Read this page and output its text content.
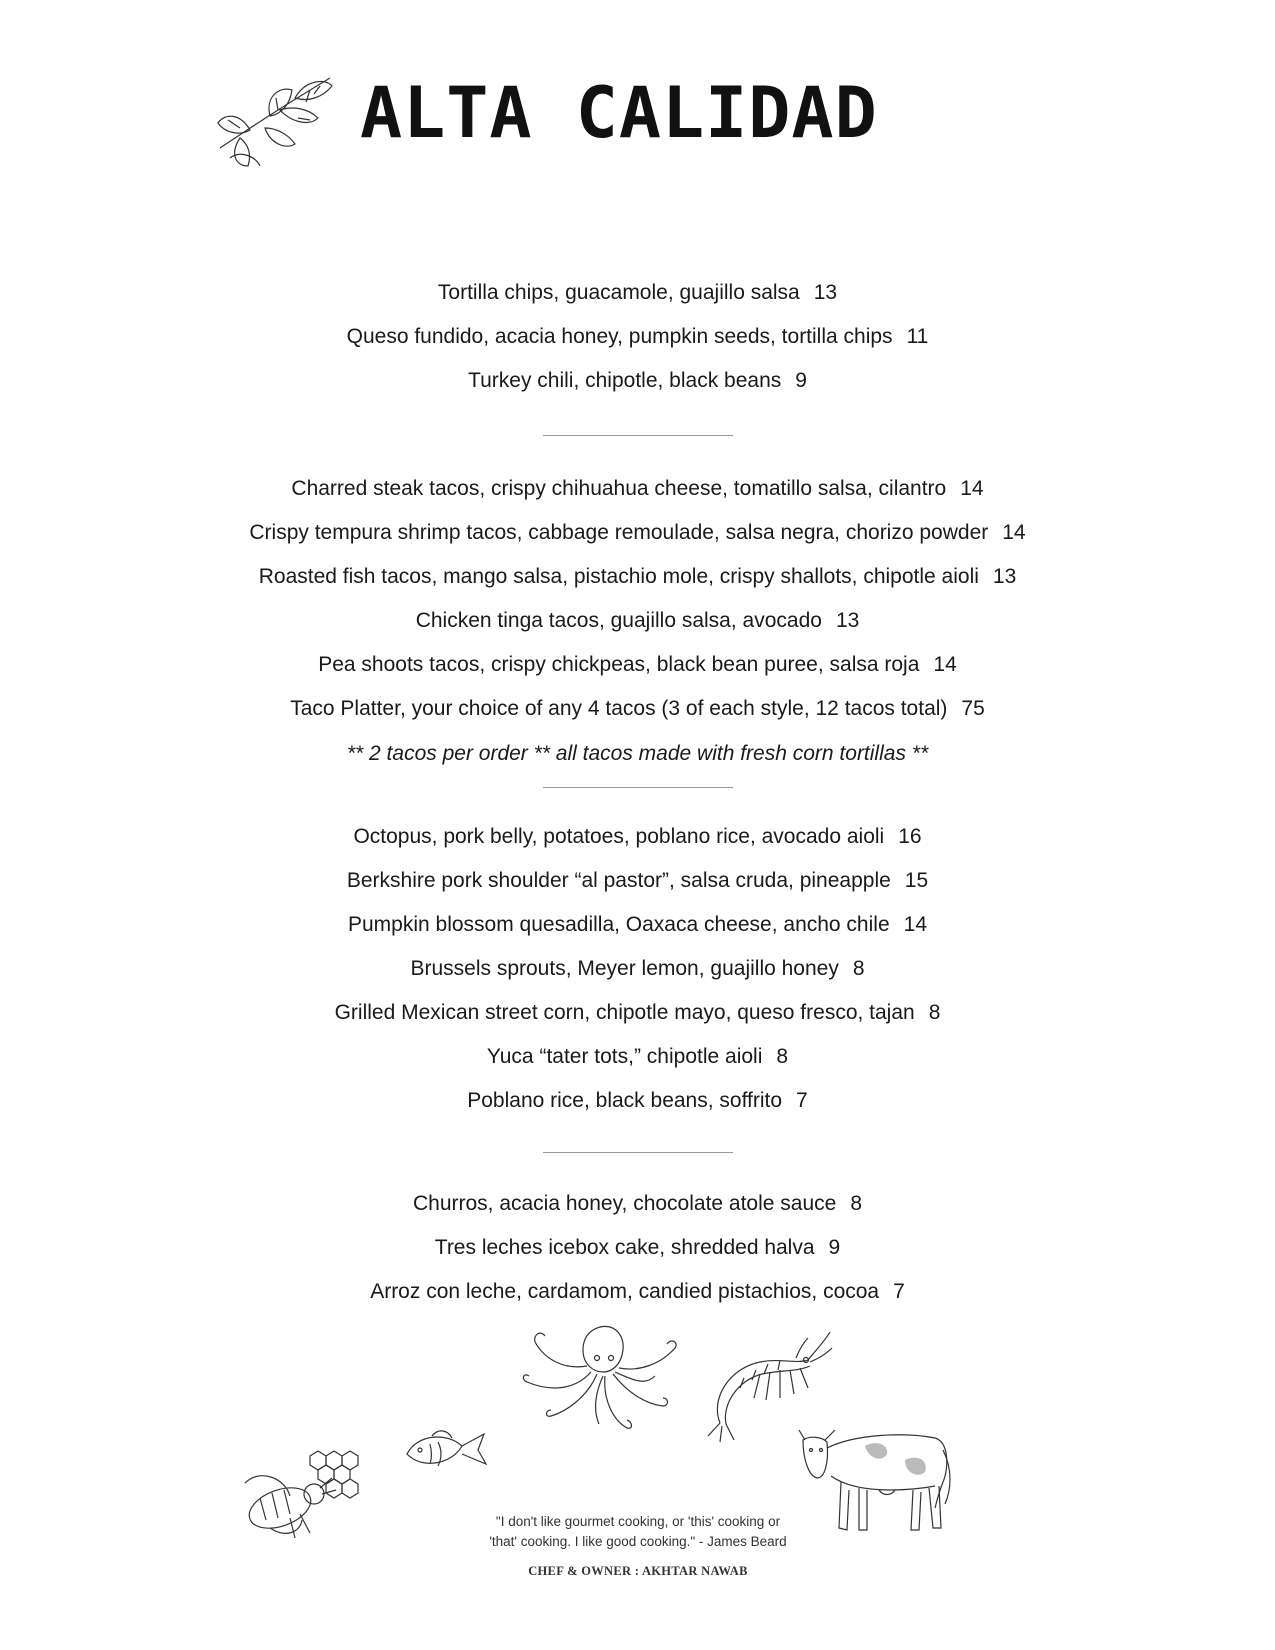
ALTA CALIDAD
Tortilla chips, guacamole, guajillo salsa 13
Queso fundido, acacia honey, pumpkin seeds, tortilla chips 11
Turkey chili, chipotle, black beans 9
Charred steak tacos, crispy chihuahua cheese, tomatillo salsa, cilantro 14
Crispy tempura shrimp tacos, cabbage remoulade, salsa negra, chorizo powder 14
Roasted fish tacos, mango salsa, pistachio mole, crispy shallots, chipotle aioli 13
Chicken tinga tacos, guajillo salsa, avocado 13
Pea shoots tacos, crispy chickpeas, black bean puree, salsa roja 14
Taco Platter, your choice of any 4 tacos (3 of each style, 12 tacos total) 75
** 2 tacos per order ** all tacos made with fresh corn tortillas **
Octopus, pork belly, potatoes, poblano rice, avocado aioli 16
Berkshire pork shoulder “al pastor”, salsa cruda, pineapple 15
Pumpkin blossom quesadilla, Oaxaca cheese, ancho chile 14
Brussels sprouts, Meyer lemon, guajillo honey 8
Grilled Mexican street corn, chipotle mayo, queso fresco, tajan 8
Yuca “tater tots,” chipotle aioli 8
Poblano rice, black beans, soffrito 7
Churros, acacia honey, chocolate atole sauce 8
Tres leches icebox cake, shredded halva 9
Arroz con leche, cardamom, candied pistachios, cocoa 7
"I don't like gourmet cooking, or 'this' cooking or
'that' cooking. I like good cooking." - James Beard
CHEF & OWNER : AKHTAR NAWAB
